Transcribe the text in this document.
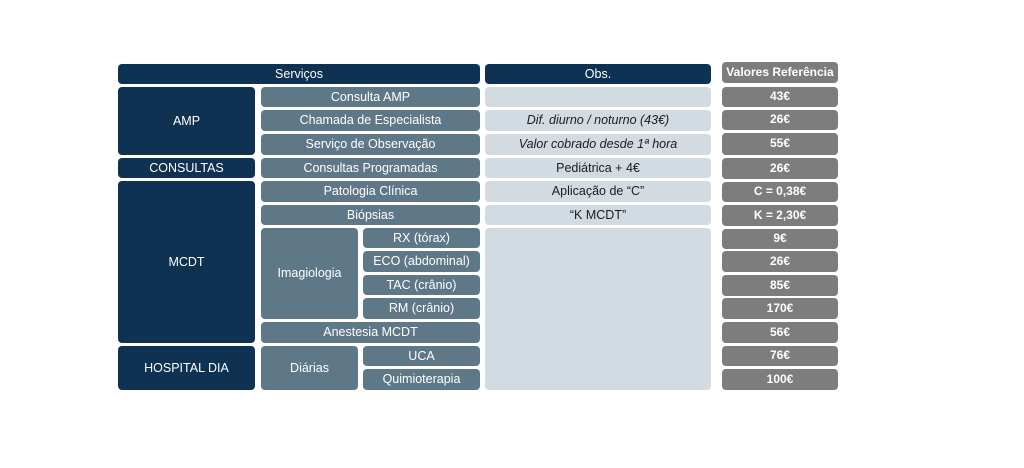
Serviços	Obs.	Valores Referência
AMP
CONSULTAS
MCDT
HOSPITAL DIA
Consulta AMP
Chamada de Especialista
Serviço de Observação
Consultas Programadas
Patologia Clínica
Biópsias
Imagiologia
RX (tórax)
ECO (abdominal)
TAC (crânio)
RM (crânio)
Anestesia MCDT
Diárias
UCA
Quimioterapia
Dif. diurno / noturno (43€)
Valor cobrado desde 1ª hora
Pediátrica + 4€
Aplicação de “C”
“K MCDT”
43€
26€
55€
26€
C = 0,38€
K = 2,30€
9€
26€
85€
170€
56€
76€
100€
